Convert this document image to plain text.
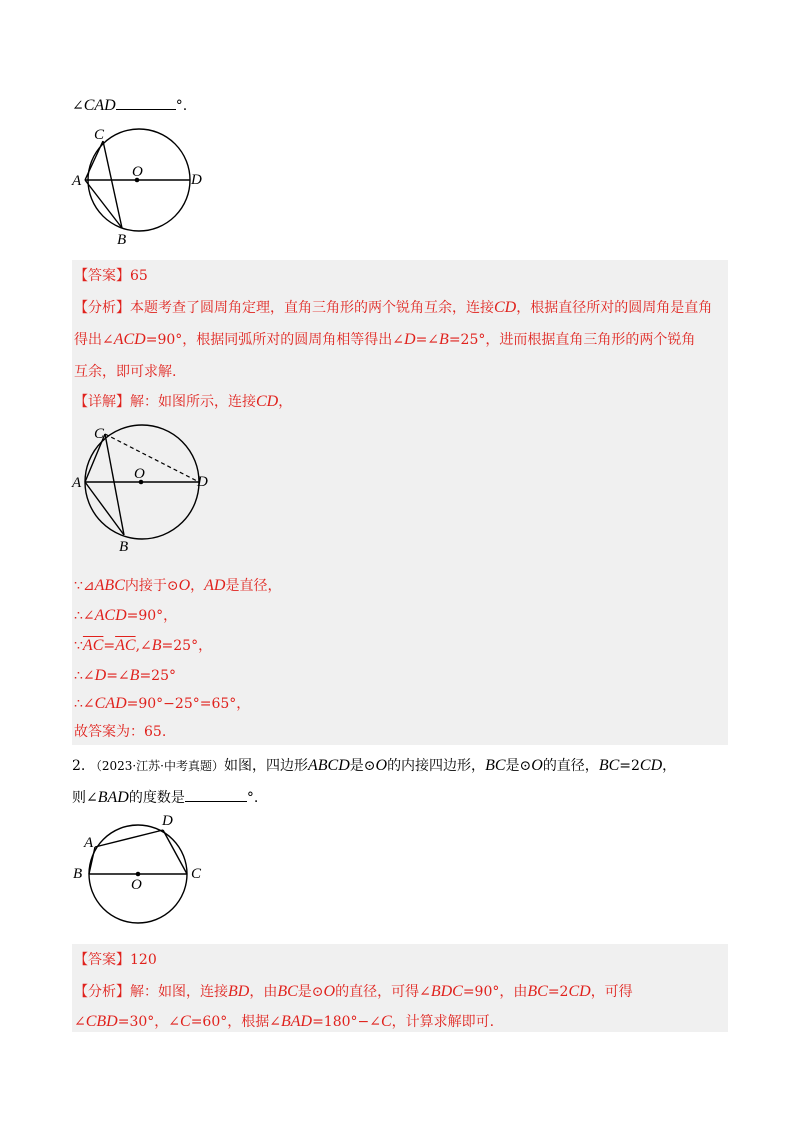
∠CAD	°.
C
A
O	D
B
【答案】65
【分析】本题考查了圆周角定理，直角三角形的两个锐角互余，连接CD，根据直径所对的圆周角是直角
得出∠ACD=90°，根据同弧所对的圆周角相等得出∠D=∠B=25°，进而根据直角三角形的两个锐角
互余，即可求解.
【详解】解：如图所示，连接CD，
C
A
O	D
B
∵⊿ABC内接于⊙O，AD是直径，
∴∠ACD=90°，
$\because\overline{AC}=\overline{AC},\angle B=25^\circ$，
∴∠D=∠B=25°
∴∠CAD=90°−25°=65°，
故答案为：65.
2. （2023·江苏·中考真题）如图，四边形ABCD是⊙O的内接四边形，BC是⊙O的直径，BC=2CD，
则∠BAD的度数是	°.
A
D
B
O
C
【答案】120
【分析】解：如图，连接BD，由BC是⊙O的直径，可得∠BDC=90°，由BC=2CD，可得
∠CBD=30°，∠C=60°，根据∠BAD=180°−∠C，计算求解即可.
